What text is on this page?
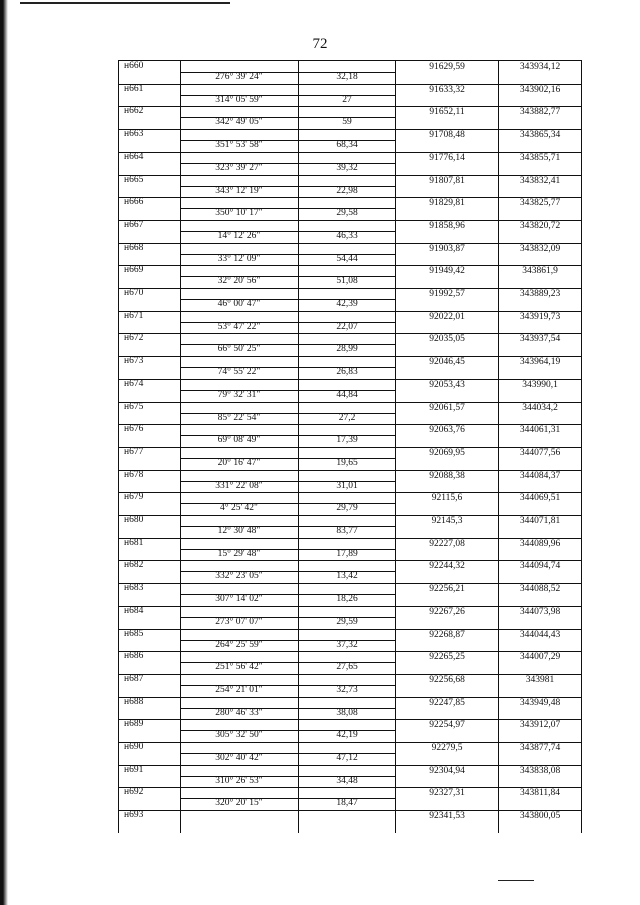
72
н660	91629,59	343934,12
276° 39' 24"	32,18
н661	91633,32	343902,16
314° 05' 59"	27
н662	91652,11	343882,77
342° 49' 05"	59
н663	91708,48	343865,34
351° 53' 58"	68,34
н664	91776,14	343855,71
323° 39' 27"	39,32
н665	91807,81	343832,41
343° 12' 19"	22,98
н666	91829,81	343825,77
350° 10' 17"	29,58
н667	91858,96	343820,72
14° 12' 26"	46,33
н668	91903,87	343832,09
33° 12' 09"	54,44
н669	91949,42	343861,9
32° 20' 56"	51,08
н670	91992,57	343889,23
46° 00' 47"	42,39
н671	92022,01	343919,73
53° 47' 22"	22,07
н672	92035,05	343937,54
66° 50' 25"	28,99
н673	92046,45	343964,19
74° 55' 22"	26,83
н674	92053,43	343990,1
79° 32' 31"	44,84
н675	92061,57	344034,2
85° 22' 54"	27,2
н676	92063,76	344061,31
69° 08' 49"	17,39
н677	92069,95	344077,56
20° 16' 47"	19,65
н678	92088,38	344084,37
331° 22' 08"	31,01
н679	92115,6	344069,51
4° 25' 42"	29,79
н680	92145,3	344071,81
12° 30' 48"	83,77
н681	92227,08	344089,96
15° 29' 48"	17,89
н682	92244,32	344094,74
332° 23' 05"	13,42
н683	92256,21	344088,52
307° 14' 02"	18,26
н684	92267,26	344073,98
273° 07' 07"	29,59
н685	92268,87	344044,43
264° 25' 59"	37,32
н686	92265,25	344007,29
251° 56' 42"	27,65
н687	92256,68	343981
254° 21' 01"	32,73
н688	92247,85	343949,48
280° 46' 33"	38,08
н689	92254,97	343912,07
305° 32' 50"	42,19
н690	92279,5	343877,74
302° 40' 42"	47,12
н691	92304,94	343838,08
310° 26' 53"	34,48
н692	92327,31	343811,84
320° 20' 15"	18,47
н693	92341,53	343800,05
